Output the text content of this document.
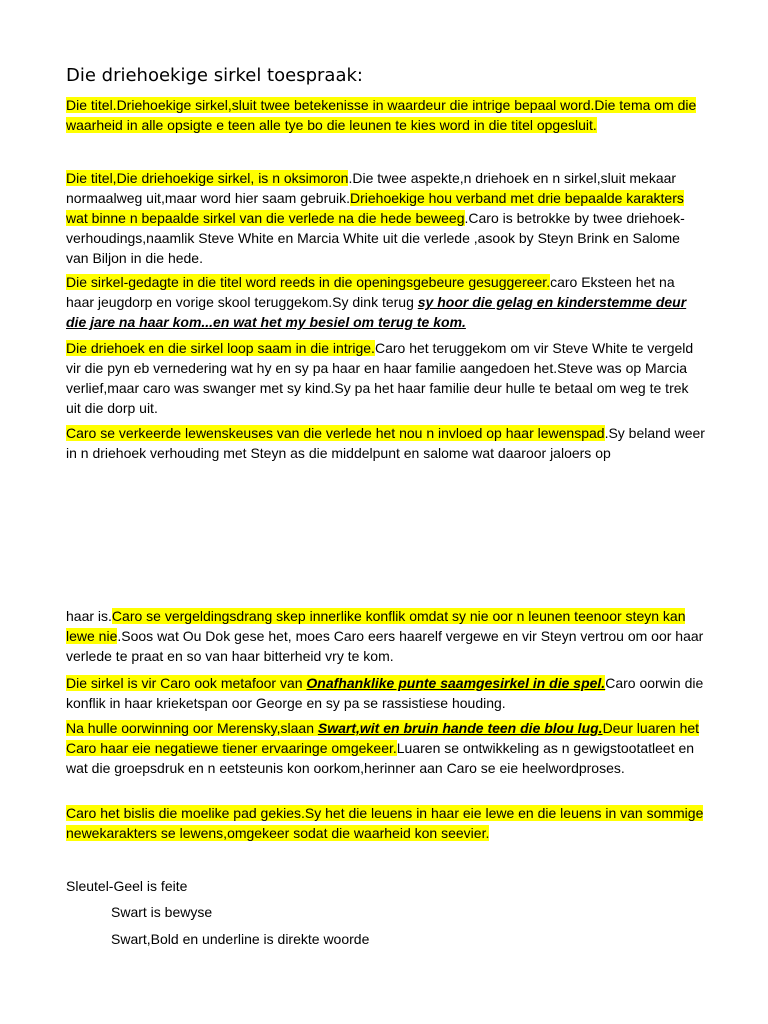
Die driehoekige sirkel toespraak:

Die titel.Driehoekige sirkel,sluit twee betekenisse in waardeur die intrige bepaal word.Die tema om die waarheid in alle opsigte e teen alle tye bo die leunen te kies word in die titel opgesluit.

Die titel,Die driehoekige sirkel, is n oksimoron.Die twee aspekte,n driehoek en n sirkel,sluit mekaar normaalweg uit,maar word hier saam gebruik.Driehoekige hou verband met drie bepaalde karakters wat binne n bepaalde sirkel van die verlede na die hede beweeg.Caro is betrokke by twee driehoek-verhoudings,naamlik Steve White en Marcia White uit die verlede ,asook by Steyn Brink en Salome van Biljon in die hede.

Die sirkel-gedagte in die titel word reeds in die openingsgebeure gesuggereer.caro Eksteen het na haar jeugdorp en vorige skool teruggekom.Sy dink terug sy hoor die gelag en kinderstemme deur die jare na haar kom...en wat het my besiel om terug te kom.

Die driehoek en die sirkel loop saam in die intrige.Caro het teruggekom om vir Steve White te vergeld vir die pyn eb vernedering wat hy en sy pa haar en haar familie aangedoen het.Steve was op Marcia verlief,maar caro was swanger met sy kind.Sy pa het haar familie deur hulle te betaal om weg te trek uit die dorp uit.

Caro se verkeerde lewenskeuses van die verlede het nou n invloed op haar lewenspad.Sy beland weer in n driehoek verhouding met Steyn as die middelpunt en salome wat daaroor jaloers op

haar is.Caro se vergeldingsdrang skep innerlike konflik omdat sy nie oor n leunen teenoor steyn kan lewe nie.Soos wat Ou Dok gese het, moes Caro eers haarelf vergewe en vir Steyn vertrou om oor haar verlede te praat en so van haar bitterheid vry te kom.

Die sirkel is vir Caro ook metafoor van Onafhanklike punte saamgesirkel in die spel.Caro oorwin die konflik in haar krieketspan oor George en sy pa se rassistiese houding.

Na hulle oorwinning oor Merensky,slaan Swart,wit en bruin hande teen die blou lug.Deur luaren het Caro haar eie negatiewe tiener ervaaringe omgekeer.Luaren se ontwikkeling as n gewigstootatleet en wat die groepsdruk en n eetsteunis kon oorkom,herinner aan Caro se eie heelwordproses.

Caro het bislis die moelike pad gekies.Sy het die leuens in haar eie lewe en die leuens in van sommige newekarakters se lewens,omgekeer sodat die waarheid kon seevier.

Sleutel-Geel is feite
Swart is bewyse
Swart,Bold en underline is direkte woorde
